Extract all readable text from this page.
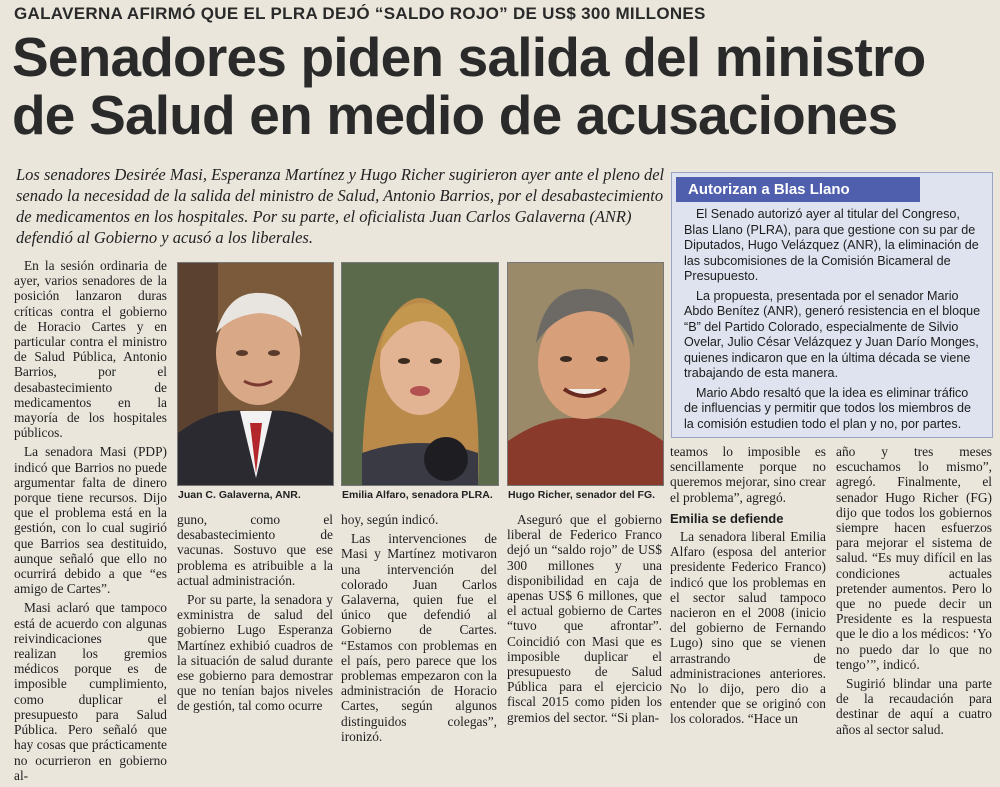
GALAVERNA AFIRMÓ QUE EL PLRA DEJÓ “SALDO ROJO” DE US$ 300 MILLONES
Senadores piden salida del ministro
de Salud en medio de acusaciones

Los senadores Desirée Masi, Esperanza Martínez y Hugo Richer sugirieron ayer ante el pleno del senado la necesidad de la salida del ministro de Salud, Antonio Barrios, por el desabastecimiento de medicamentos en los hospitales. Por su parte, el oficialista Juan Carlos Galaverna (ANR) defendió al Gobierno y acusó a los liberales.

En la sesión ordinaria de ayer, varios senadores de la posición lanzaron duras críticas contra el gobierno de Horacio Cartes y en particular contra el ministro de Salud Pública, Antonio Barrios, por el desabastecimiento de medicamentos en la mayoría de los hospitales públicos.

La senadora Masi (PDP) indicó que Barrios no puede argumentar falta de dinero porque tiene recursos. Dijo que el problema está en la gestión, con lo cual sugirió que Barrios sea destituido, aunque señaló que ello no ocurrirá debido a que “es amigo de Cartes”.

Masi aclaró que tampoco está de acuerdo con algunas reivindicaciones que realizan los gremios médicos porque es de imposible cumplimiento, como duplicar el presupuesto para Salud Pública. Pero señaló que hay cosas que prácticamente no ocurrieron en gobierno al-

Juan C. Galaverna, ANR.	Emilia Alfaro, senadora PLRA. Hugo Richer, senador del FG.

guno, como el desabastecimiento de vacunas. Sostuvo que ese problema es atribuible a la actual administración.

Por su parte, la senadora y exministra de salud del gobierno Lugo Esperanza Martínez exhibió cuadros de la situación de salud durante ese gobierno para demostrar que no tenían bajos niveles de gestión, tal como ocurre

hoy, según indicó.

Las intervenciones de Masi y Martínez motivaron una intervención del colorado Juan Carlos Galaverna, quien fue el único que defendió al Gobierno de Cartes. “Estamos con problemas en el país, pero parece que los problemas empezaron con la administración de Horacio Cartes, según algunos distinguidos colegas”, ironizó.

Aseguró que el gobierno liberal de Federico Franco dejó un “saldo rojo” de US$ 300 millones y una disponibilidad en caja de apenas US$ 6 millones, que el actual gobierno de Cartes “tuvo que afrontar”. Coincidió con Masi que es imposible duplicar el presupuesto de Salud Pública para el ejercicio fiscal 2015 como piden los gremios del sector. “Si plan-

Autorizan a Blas Llano

El Senado autorizó ayer al titular del Congreso, Blas Llano (PLRA), para que gestione con su par de Diputados, Hugo Velázquez (ANR), la eliminación de las subcomisiones de la Comisión Bicameral de Presupuesto.

La propuesta, presentada por el senador Mario Abdo Benítez (ANR), generó resistencia en el bloque “B” del Partido Colorado, especialmente de Silvio Ovelar, Julio César Velázquez y Juan Darío Monges, quienes indicaron que en la última década se viene trabajando de esta manera.

Mario Abdo resaltó que la idea es eliminar tráfico de influencias y permitir que todos los miembros de la comisión estudien todo el plan y no, por partes.

teamos lo imposible es sencillamente porque no queremos mejorar, sino crear el problema”, agregó.

Emilia se defiende

La senadora liberal Emilia Alfaro (esposa del anterior presidente Federico Franco) indicó que los problemas en el sector salud tampoco nacieron en el 2008 (inicio del gobierno de Fernando Lugo) sino que se vienen arrastrando de administraciones anteriores. No lo dijo, pero dio a entender que se originó con los colorados. “Hace un

año y tres meses escuchamos lo mismo”, agregó. Finalmente, el senador Hugo Richer (FG) dijo que todos los gobiernos siempre hacen esfuerzos para mejorar el sistema de salud. “Es muy difícil en las condiciones actuales pretender aumentos. Pero lo que no puede decir un Presidente es la respuesta que le dio a los médicos: ‘Yo no puedo dar lo que no tengo’”, indicó.

Sugirió blindar una parte de la recaudación para destinar de aquí a cuatro años al sector salud.
